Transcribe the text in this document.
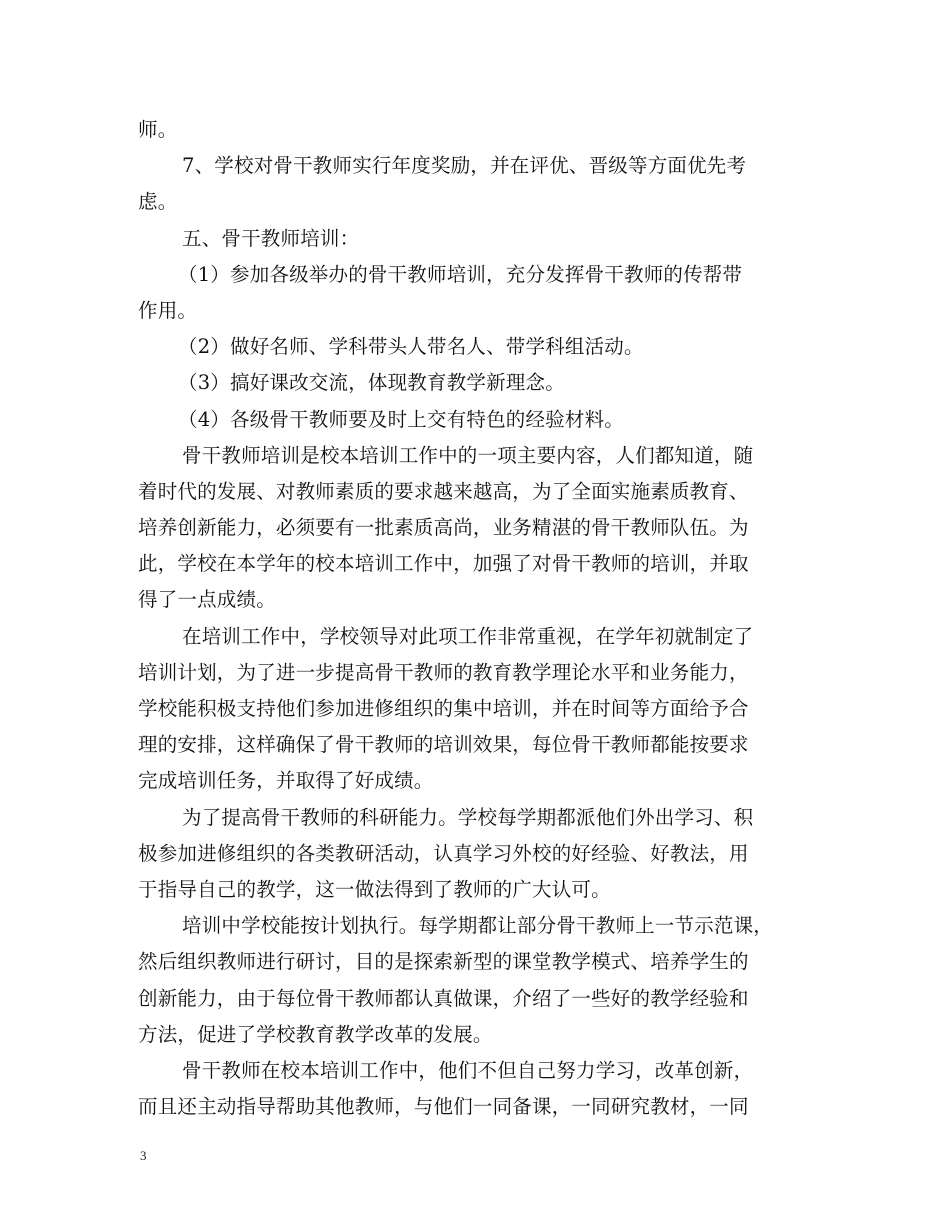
师。
7、学校对骨干教师实行年度奖励，并在评优、晋级等方面优先考
虑。
五、骨干教师培训：
（1）参加各级举办的骨干教师培训，充分发挥骨干教师的传帮带
作用。
（2）做好名师、学科带头人带名人、带学科组活动。
（3）搞好课改交流，体现教育教学新理念。
（4）各级骨干教师要及时上交有特色的经验材料。
骨干教师培训是校本培训工作中的一项主要内容，人们都知道，随
着时代的发展、对教师素质的要求越来越高，为了全面实施素质教育、
培养创新能力，必须要有一批素质高尚，业务精湛的骨干教师队伍。为
此，学校在本学年的校本培训工作中，加强了对骨干教师的培训，并取
得了一点成绩。
在培训工作中，学校领导对此项工作非常重视，在学年初就制定了
培训计划，为了进一步提高骨干教师的教育教学理论水平和业务能力，
学校能积极支持他们参加进修组织的集中培训，并在时间等方面给予合
理的安排，这样确保了骨干教师的培训效果，每位骨干教师都能按要求
完成培训任务，并取得了好成绩。
为了提高骨干教师的科研能力。学校每学期都派他们外出学习、积
极参加进修组织的各类教研活动，认真学习外校的好经验、好教法，用
于指导自己的教学，这一做法得到了教师的广大认可。
培训中学校能按计划执行。每学期都让部分骨干教师上一节示范课，
然后组织教师进行研讨，目的是探索新型的课堂教学模式、培养学生的
创新能力，由于每位骨干教师都认真做课，介绍了一些好的教学经验和
方法，促进了学校教育教学改革的发展。
骨干教师在校本培训工作中，他们不但自己努力学习，改革创新，
而且还主动指导帮助其他教师，与他们一同备课，一同研究教材，一同
3
